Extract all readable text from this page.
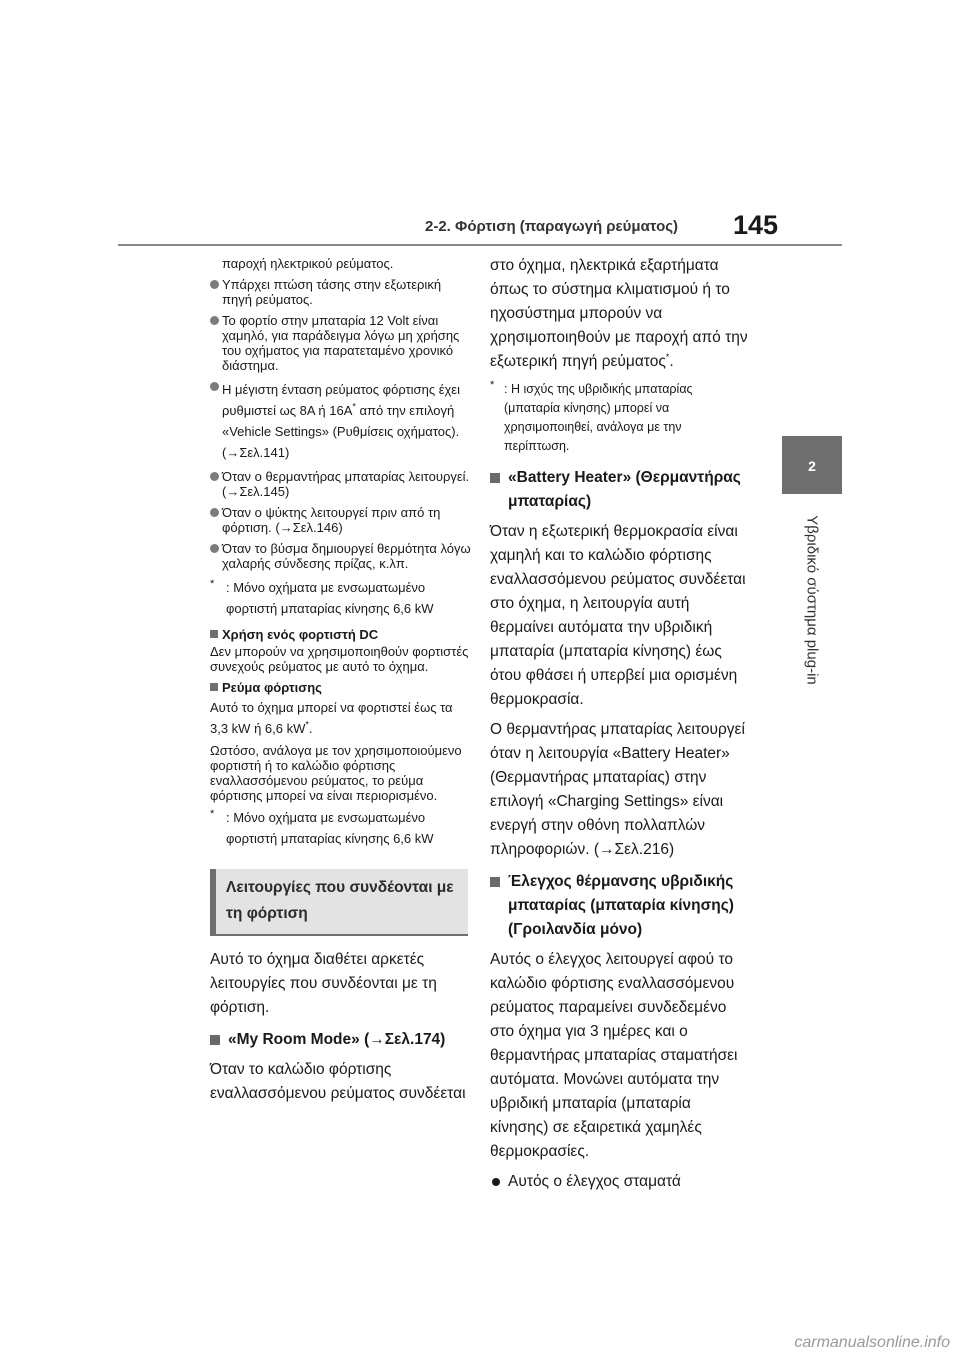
2-2. Φόρτιση (παραγωγή ρεύματος) 145
2
Υβριδικό σύστημα plug-in
παροχή ηλεκτρικού ρεύματος.
Υπάρχει πτώση τάσης στην εξωτερική πηγή ρεύματος.
Το φορτίο στην μπαταρία 12 Volt είναι χαμηλό, για παράδειγμα λόγω μη χρήσης του οχήματος για παρατεταμένο χρονικό διάστημα.
Η μέγιστη ένταση ρεύματος φόρτισης έχει ρυθμιστεί ως 8A ή 16A* από την επιλογή «Vehicle Settings» (Ρυθμίσεις οχήματος). (→Σελ.141)
Όταν ο θερμαντήρας μπαταρίας λειτουργεί. (→Σελ.145)
Όταν ο ψύκτης λειτουργεί πριν από τη φόρτιση. (→Σελ.146)
Όταν το βύσμα δημιουργεί θερμότητα λόγω χαλαρής σύνδεσης πρίζας, κ.λπ.
* : Μόνο οχήματα με ενσωματωμένο φορτιστή μπαταρίας κίνησης 6,6 kW
Χρήση ενός φορτιστή DC
Δεν μπορούν να χρησιμοποιηθούν φορτιστές συνεχούς ρεύματος με αυτό το όχημα.
Ρεύμα φόρτισης
Αυτό το όχημα μπορεί να φορτιστεί έως τα 3,3 kW ή 6,6 kW*.
Ωστόσο, ανάλογα με τον χρησιμοποιούμενο φορτιστή ή το καλώδιο φόρτισης εναλλασσόμενου ρεύματος, το ρεύμα φόρτισης μπορεί να είναι περιορισμένο.
* : Μόνο οχήματα με ενσωματωμένο φορτιστή μπαταρίας κίνησης 6,6 kW
Λειτουργίες που συνδέονται με τη φόρτιση
Αυτό το όχημα διαθέτει αρκετές λειτουργίες που συνδέονται με τη φόρτιση.
«My Room Mode» (→Σελ.174)
Όταν το καλώδιο φόρτισης εναλλασσόμενου ρεύματος συνδέεται
στο όχημα, ηλεκτρικά εξαρτήματα όπως το σύστημα κλιματισμού ή το ηχοσύστημα μπορούν να χρησιμοποιηθούν με παροχή από την εξωτερική πηγή ρεύματος*.
* : Η ισχύς της υβριδικής μπαταρίας (μπαταρία κίνησης) μπορεί να χρησιμοποιηθεί, ανάλογα με την περίπτωση.
«Battery Heater» (Θερμαντήρας μπαταρίας)
Όταν η εξωτερική θερμοκρασία είναι χαμηλή και το καλώδιο φόρτισης εναλλασσόμενου ρεύματος συνδέεται στο όχημα, η λειτουργία αυτή θερμαίνει αυτόματα την υβριδική μπαταρία (μπαταρία κίνησης) έως ότου φθάσει ή υπερβεί μια ορισμένη θερμοκρασία.
Ο θερμαντήρας μπαταρίας λειτουργεί όταν η λειτουργία «Battery Heater» (Θερμαντήρας μπαταρίας) στην επιλογή «Charging Settings» είναι ενεργή στην οθόνη πολλαπλών πληροφοριών. (→Σελ.216)
Έλεγχος θέρμανσης υβριδικής μπαταρίας (μπαταρία κίνησης) (Γροιλανδία μόνο)
Αυτός ο έλεγχος λειτουργεί αφού το καλώδιο φόρτισης εναλλασσόμενου ρεύματος παραμείνει συνδεδεμένο στο όχημα για 3 ημέρες και ο θερμαντήρας μπαταρίας σταματήσει αυτόματα. Μονώνει αυτόματα την υβριδική μπαταρία (μπαταρία κίνησης) σε εξαιρετικά χαμηλές θερμοκρασίες.
Αυτός ο έλεγχος σταματά
carmanualsonline.info
